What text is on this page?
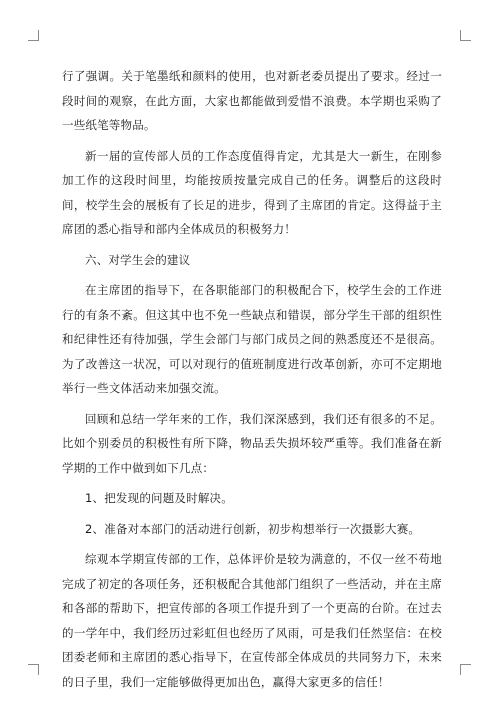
行了强调。关于笔墨纸和颜料的使用，也对新老委员提出了要求。经过一段时间的观察，在此方面，大家也都能做到爱惜不浪费。本学期也采购了一些纸笔等物品。

新一届的宣传部人员的工作态度值得肯定，尤其是大一新生，在刚参加工作的这段时间里，均能按质按量完成自己的任务。调整后的这段时间，校学生会的展板有了长足的进步，得到了主席团的肯定。这得益于主席团的悉心指导和部内全体成员的积极努力！

六、对学生会的建议

在主席团的指导下，在各职能部门的积极配合下，校学生会的工作进行的有条不紊。但这其中也不免一些缺点和错误，部分学生干部的组织性和纪律性还有待加强，学生会部门与部门成员之间的熟悉度还不是很高。为了改善这一状况，可以对现行的值班制度进行改革创新，亦可不定期地举行一些文体活动来加强交流。

回顾和总结一学年来的工作，我们深深感到，我们还有很多的不足。比如个别委员的积极性有所下降，物品丢失损坏较严重等。我们准备在新学期的工作中做到如下几点：

1、把发现的问题及时解决。

2、准备对本部门的活动进行创新，初步构想举行一次摄影大赛。

综观本学期宣传部的工作，总体评价是较为满意的，不仅一丝不苟地完成了初定的各项任务，还积极配合其他部门组织了一些活动，并在主席和各部的帮助下，把宣传部的各项工作提升到了一个更高的台阶。在过去的一学年中，我们经历过彩虹但也经历了风雨，可是我们任然坚信：在校团委老师和主席团的悉心指导下，在宣传部全体成员的共同努力下，未来的日子里，我们一定能够做得更加出色，赢得大家更多的信任！
